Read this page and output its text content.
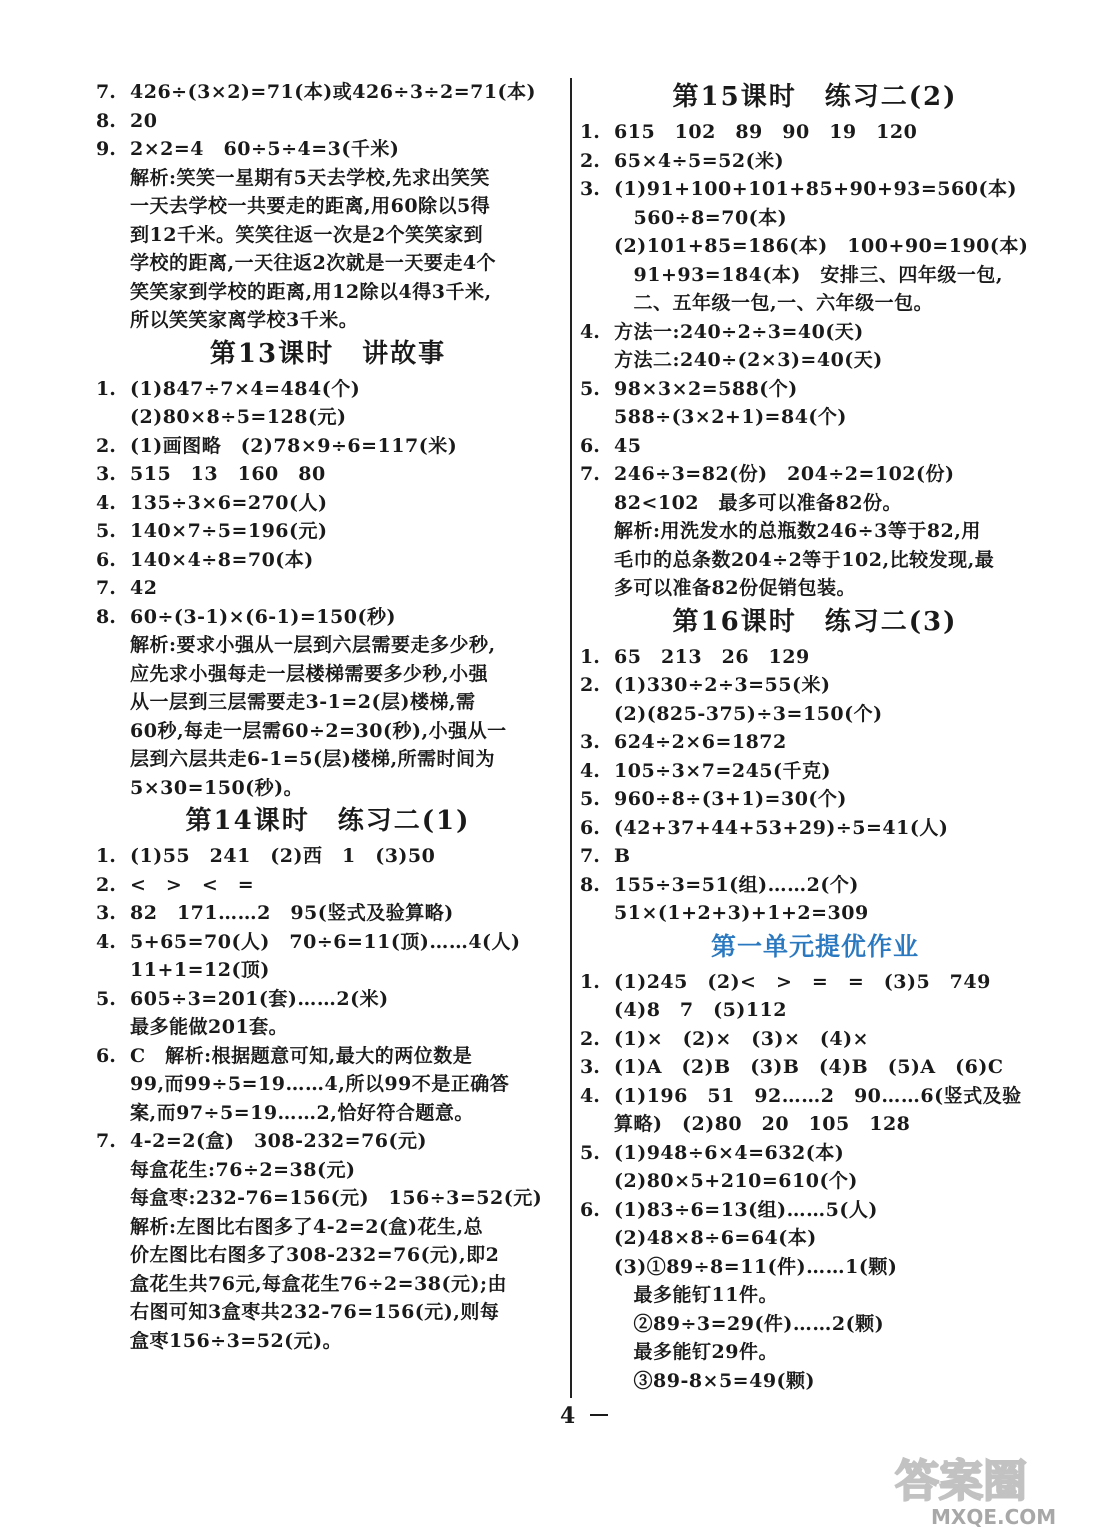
7. 426÷(3×2)=71(本)或426÷3÷2=71(本)
8. 20
9. 2×2=4　60÷5÷4=3(千米)
解析:笑笑一星期有5天去学校,先求出笑笑
一天去学校一共要走的距离,用60除以5得
到12千米。笑笑往返一次是2个笑笑家到
学校的距离,一天往返2次就是一天要走4个
笑笑家到学校的距离,用12除以4得3千米,
所以笑笑家离学校3千米。
第13课时　讲故事
1. (1)847÷7×4=484(个)
(2)80×8÷5=128(元)
2. (1)画图略　(2)78×9÷6=117(米)
3. 515　13　160　80
4. 135÷3×6=270(人)
5. 140×7÷5=196(元)
6. 140×4÷8=70(本)
7. 42
8. 60÷(3-1)×(6-1)=150(秒)
解析:要求小强从一层到六层需要走多少秒,
应先求小强每走一层楼梯需要多少秒,小强
从一层到三层需要走3-1=2(层)楼梯,需
60秒,每走一层需60÷2=30(秒),小强从一
层到六层共走6-1=5(层)楼梯,所需时间为
5×30=150(秒)。
第14课时　练习二(1)
1. (1)55　241　(2)西　1　(3)50
2. <　>　<　=
3. 82　171……2　95(竖式及验算略)
4. 5+65=70(人)　70÷6=11(顶)……4(人)
11+1=12(顶)
5. 605÷3=201(套)……2(米)
最多能做201套。
6. C　解析:根据题意可知,最大的两位数是
99,而99÷5=19……4,所以99不是正确答
案,而97÷5=19……2,恰好符合题意。
7. 4-2=2(盒)　308-232=76(元)
每盒花生:76÷2=38(元)
每盒枣:232-76=156(元)　156÷3=52(元)
解析:左图比右图多了4-2=2(盒)花生,总
价左图比右图多了308-232=76(元),即2
盒花生共76元,每盒花生76÷2=38(元);由
右图可知3盒枣共232-76=156(元),则每
盒枣156÷3=52(元)。
第15课时　练习二(2)
1. 615　102　89　90　19　120
2. 65×4÷5=52(米)
3. (1)91+100+101+85+90+93=560(本)
　560÷8=70(本)
(2)101+85=186(本)　100+90=190(本)
　91+93=184(本)　安排三、四年级一包,
　二、五年级一包,一、六年级一包。
4. 方法一:240÷2÷3=40(天)
方法二:240÷(2×3)=40(天)
5. 98×3×2=588(个)
588÷(3×2+1)=84(个)
6. 45
7. 246÷3=82(份)　204÷2=102(份)
82<102　最多可以准备82份。
解析:用洗发水的总瓶数246÷3等于82,用
毛巾的总条数204÷2等于102,比较发现,最
多可以准备82份促销包装。
第16课时　练习二(3)
1. 65　213　26　129
2. (1)330÷2÷3=55(米)
(2)(825-375)÷3=150(个)
3. 624÷2×6=1872
4. 105÷3×7=245(千克)
5. 960÷8÷(3+1)=30(个)
6. (42+37+44+53+29)÷5=41(人)
7. B
8. 155÷3=51(组)……2(个)
51×(1+2+3)+1+2=309
第一单元提优作业
1. (1)245　(2)<　>　=　=　(3)5　749
(4)8　7　(5)112
2. (1)×　(2)×　(3)×　(4)×
3. (1)A　(2)B　(3)B　(4)B　(5)A　(6)C
4. (1)196　51　92……2　90……6(竖式及验
算略)　(2)80　20　105　128
5. (1)948÷6×4=632(本)
(2)80×5+210=610(个)
6. (1)83÷6=13(组)……5(人)
(2)48×8÷6=64(本)
(3)①89÷8=11(件)……1(颗)
　最多能钉11件。
　②89÷3=29(件)……2(颗)
　最多能钉29件。
　③89-8×5=49(颗)
4
答案圈
MXQE.COM
